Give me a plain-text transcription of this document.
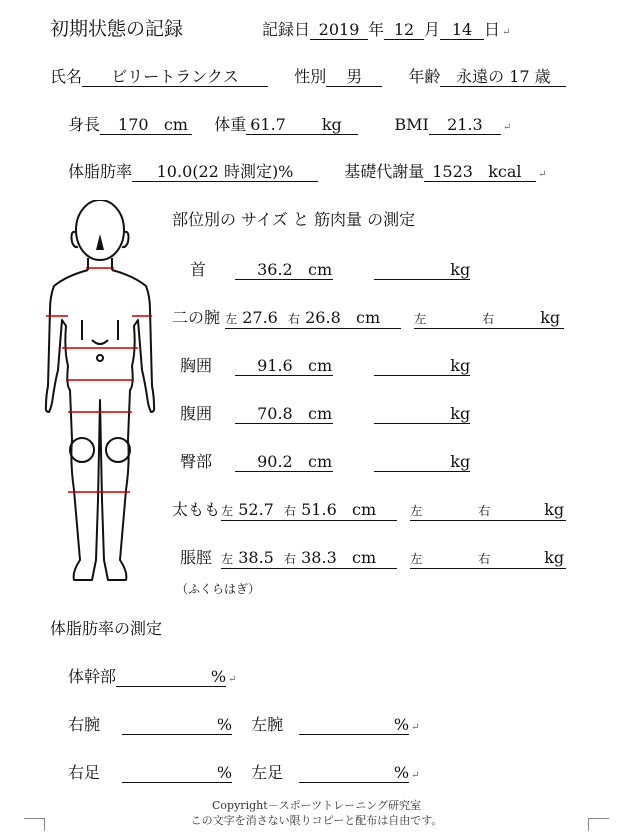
初期状態の記録	記録日 2019 年 12 月 14 日 ↵
氏名 ビリートランクス	性別 男	年齢 永遠の 17 歳
身長 170 cm 体重 61.7 kg	BMI 21.3 ↵
体脂肪率 10.0(22 時測定)%	基礎代謝量 1523 kcal ↵
部位別の サイズ と 筋肉量 の測定
首	36.2 cm	kg
二の腕 左 27.6 右 26.8 cm	左	右	kg
胸囲	91.6 cm	kg
腹囲	70.8 cm	kg
臀部	90.2 cm	kg
太もも 左 52.7 右 51.6 cm	左	右	kg
脹脛 左 38.5 右 38.3 cm	左	右	kg
（ふくらはぎ）
体脂肪率の測定
体幹部	% ↵
右腕	% 左腕	% ↵
右足	% 左足	% ↵
Copyright－スポーツトレーニング研究室
この文字を消さない限りコピーと配布は自由です。
